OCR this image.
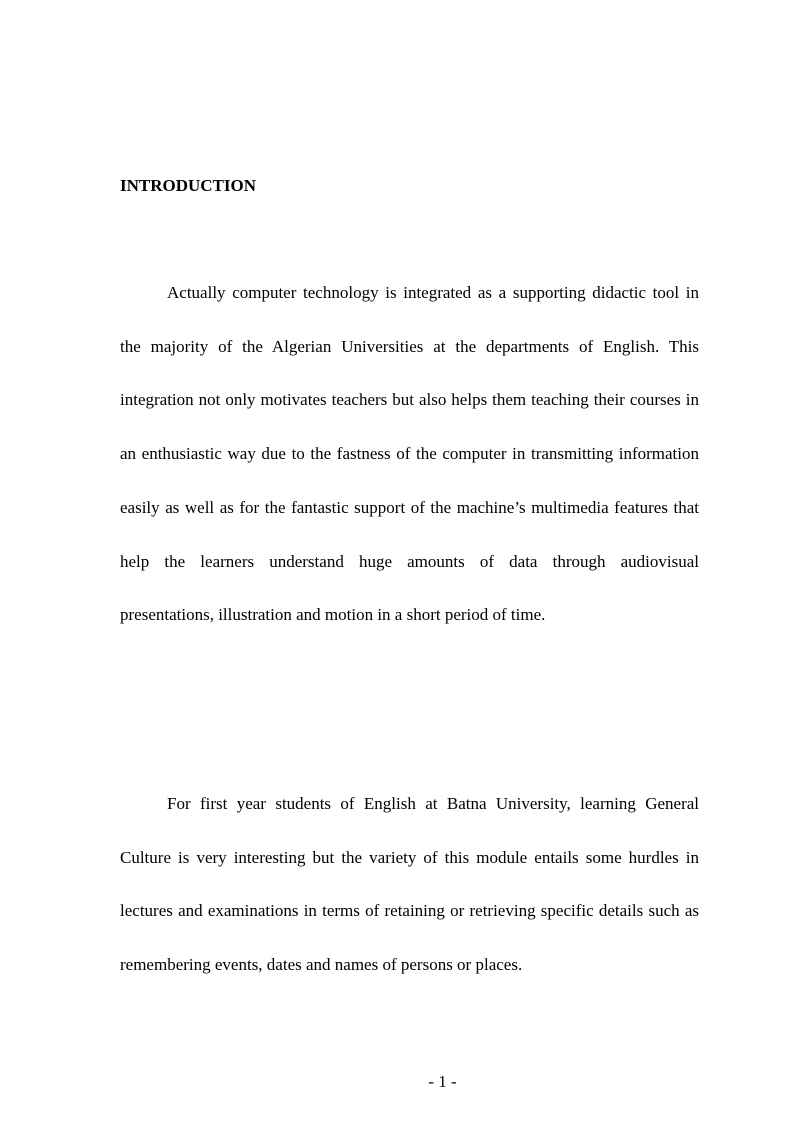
INTRODUCTION

Actually computer technology is integrated as a supporting didactic tool in the majority of the Algerian Universities at the departments of English. This integration not only motivates teachers but also helps them teaching their courses in an enthusiastic way due to the fastness of the computer in transmitting information easily as well as for the fantastic support of the machine’s multimedia features that help the learners understand huge amounts of data through audiovisual presentations, illustration and motion in a short period of time.

For first year students of English at Batna University, learning General Culture is very interesting but the variety of this module entails some hurdles in lectures and examinations in terms of retaining or retrieving specific details such as remembering events, dates and names of persons or places.

- 1 -
